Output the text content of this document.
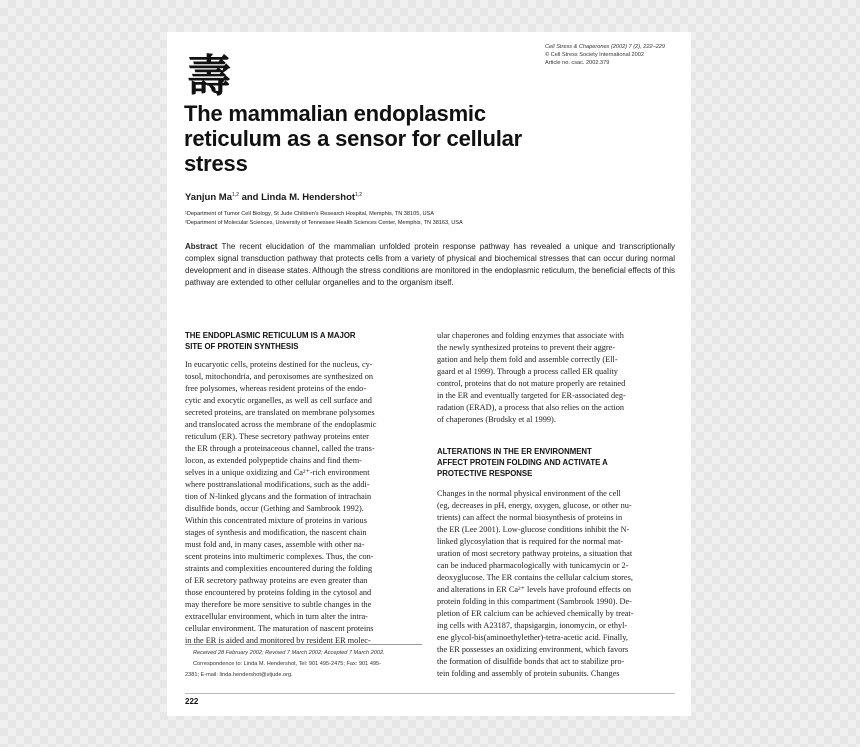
壽
Cell Stress & Chaperones (2002) 7 (2), 222–229
© Cell Stress Society International 2002
Article no. csac. 2002.379
The mammalian endoplasmic
reticulum as a sensor for cellular
stress
Yanjun Ma$^{1,2}$ and Linda M. Hendershot$^{1,2}$
¹Department of Tumor Cell Biology, St Jude Children's Research Hospital, Memphis, TN 38105, USA
²Department of Molecular Sciences, University of Tennessee Health Sciences Center, Memphis, TN 38163, USA
Abstract The recent elucidation of the mammalian unfolded protein response pathway has revealed a unique and transcriptionally complex signal transduction pathway that protects cells from a variety of physical and biochemical stresses that can occur during normal development and in disease states. Although the stress conditions are monitored in the endoplasmic reticulum, the beneficial effects of this pathway are extended to other cellular organelles and to the organism itself.
THE ENDOPLASMIC RETICULUM IS A MAJOR
SITE OF PROTEIN SYNTHESIS
In eucaryotic cells, proteins destined for the nucleus, cy-
tosol, mitochondria, and peroxisomes are synthesized on
free polysomes, whereas resident proteins of the endo-
cytic and exocytic organelles, as well as cell surface and
secreted proteins, are translated on membrane polysomes
and translocated across the membrane of the endoplasmic
reticulum (ER). These secretory pathway proteins enter
the ER through a proteinaceous channel, called the trans-
locon, as extended polypeptide chains and find them-
selves in a unique oxidizing and Ca²⁺-rich environment
where posttranslational modifications, such as the addi-
tion of N-linked glycans and the formation of intrachain
disulfide bonds, occur (Gething and Sambrook 1992).
Within this concentrated mixture of proteins in various
stages of synthesis and modification, the nascent chain
must fold and, in many cases, assemble with other na-
scent proteins into multimeric complexes. Thus, the con-
straints and complexities encountered during the folding
of ER secretory pathway proteins are even greater than
those encountered by proteins folding in the cytosol and
may therefore be more sensitive to subtle changes in the
extracellular environment, which in turn alter the intra-
cellular environment. The maturation of nascent proteins
in the ER is aided and monitored by resident ER molec-
ular chaperones and folding enzymes that associate with
the newly synthesized proteins to prevent their aggre-
gation and help them fold and assemble correctly (Ell-
gaard et al 1999). Through a process called ER quality
control, proteins that do not mature properly are retained
in the ER and eventually targeted for ER-associated deg-
radation (ERAD), a process that also relies on the action
of chaperones (Brodsky et al 1999).
ALTERATIONS IN THE ER ENVIRONMENT
AFFECT PROTEIN FOLDING AND ACTIVATE A
PROTECTIVE RESPONSE
Changes in the normal physical environment of the cell
(eg, decreases in pH, energy, oxygen, glucose, or other nu-
trients) can affect the normal biosynthesis of proteins in
the ER (Lee 2001). Low-glucose conditions inhibit the N-
linked glycosylation that is required for the normal mat-
uration of most secretory pathway proteins, a situation that
can be induced pharmacologically with tunicamycin or 2-
deoxyglucose. The ER contains the cellular calcium stores,
and alterations in ER Ca²⁺ levels have profound effects on
protein folding in this compartment (Sambrook 1990). De-
pletion of ER calcium can be achieved chemically by treat-
ing cells with A23187, thapsigargin, ionomycin, or ethyl-
ene glycol-bis(aminoethylether)-tetra-acetic acid. Finally,
the ER possesses an oxidizing environment, which favors
the formation of disulfide bonds that act to stabilize pro-
tein folding and assembly of protein subunits. Changes
Received 28 February 2002; Revised 7 March 2002; Accepted 7 March 2002.
Correspondence to: Linda M. Hendershot, Tel: 901 495-2475; Fax: 901 495-
2381; E-mail: linda.hendershot@stjude.org.
222
